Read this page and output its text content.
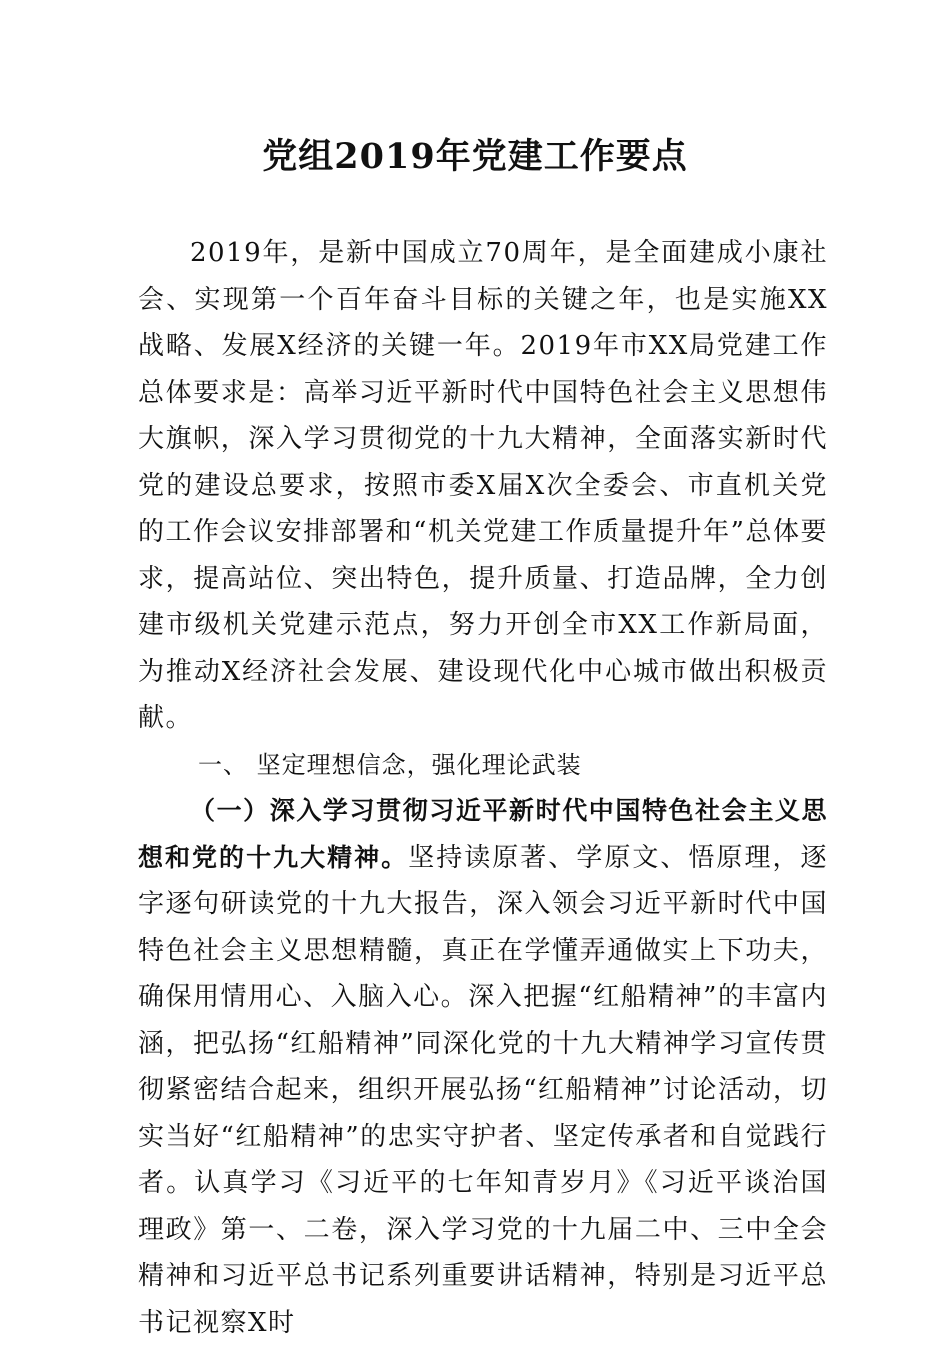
党组2019年党建工作要点

2019年，是新中国成立70周年，是全面建成小康社会、实现第一个百年奋斗目标的关键之年，也是实施XX战略、发展X经济的关键一年。2019年市XX局党建工作总体要求是：高举习近平新时代中国特色社会主义思想伟大旗帜，深入学习贯彻党的十九大精神，全面落实新时代党的建设总要求，按照市委X届X次全委会、市直机关党的工作会议安排部署和“机关党建工作质量提升年”总体要求，提高站位、突出特色，提升质量、打造品牌，全力创建市级机关党建示范点，努力开创全市XX工作新局面，为推动X经济社会发展、建设现代化中心城市做出积极贡献。

一、 坚定理想信念，强化理论武装

（一）深入学习贯彻习近平新时代中国特色社会主义思想和党的十九大精神。坚持读原著、学原文、悟原理，逐字逐句研读党的十九大报告，深入领会习近平新时代中国特色社会主义思想精髓，真正在学懂弄通做实上下功夫，确保用情用心、入脑入心。深入把握“红船精神”的丰富内涵，把弘扬“红船精神”同深化党的十九大精神学习宣传贯彻紧密结合起来，组织开展弘扬“红船精神”讨论活动，切实当好“红船精神”的忠实守护者、坚定传承者和自觉践行者。认真学习《习近平的七年知青岁月》《习近平谈治国理政》第一、二卷，深入学习党的十九届二中、三中全会精神和习近平总书记系列重要讲话精神，特别是习近平总书记视察X时
